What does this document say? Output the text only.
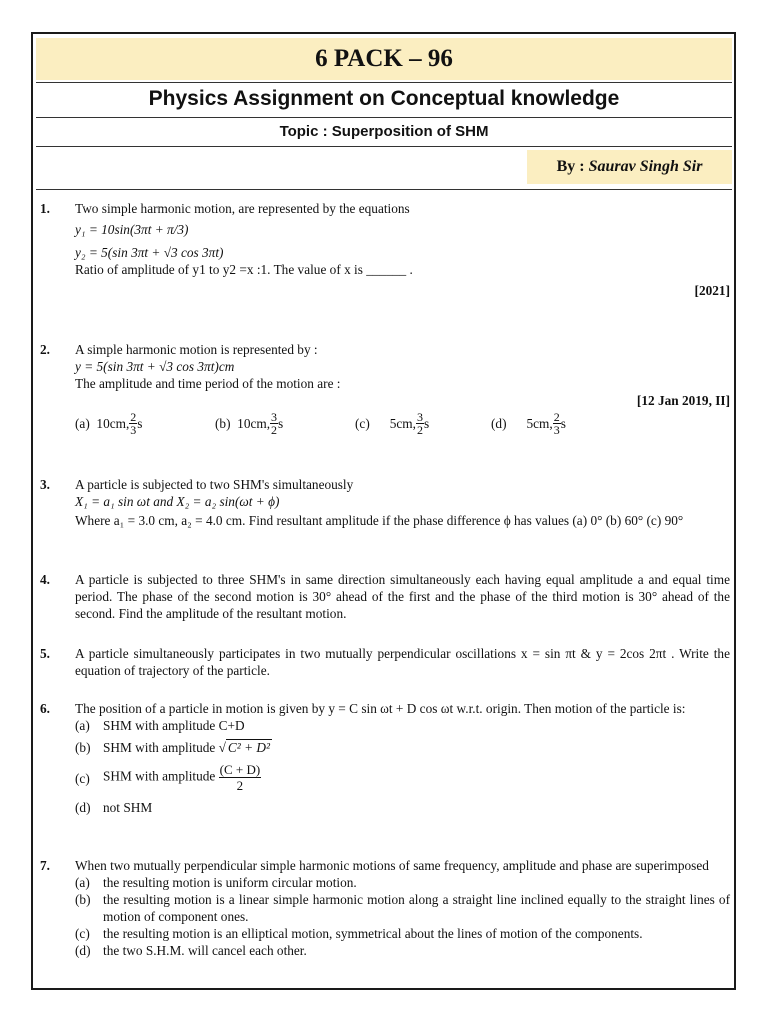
6 PACK – 96
Physics Assignment on Conceptual knowledge
Topic : Superposition of SHM
By : Saurav Singh Sir
1.	Two simple harmonic motion, are represented by the equations

y₁ = 10sin(3πt + π/3)

y₂ = 5(sin 3πt + √3 cos 3πt)

Ratio of amplitude of y1 to y2 =x :1. The value of x is ______ .

[2021]

2.	A simple harmonic motion is represented by :

y = 5(sin 3πt + √3 cos 3πt)cm

The amplitude and time period of the motion are :

[12 Jan 2019, II]

(a)
10cm, $\frac{2}{3}$ s	(b)
10cm, $\frac{3}{2}$ s	(c)
5cm, $\frac{3}{2}$ s	(d)
5cm, $\frac{2}{3}$ s
3.	A particle is subjected to two SHM's simultaneously

X₁ = a₁ sin ωt and X₂ = a₂ sin(ωt + ϕ)

Where a₁ = 3.0 cm, a₂ = 4.0 cm. Find resultant amplitude if the phase difference ϕ has values (a) 0° (b) 60° (c) 90°

4.	A particle is subjected to three SHM's in same direction simultaneously each having equal amplitude a and equal time period. The phase of the second motion is 30° ahead of the first and the phase of the third motion is 30° ahead of the second. Find the amplitude of the resultant motion.

5.	A particle simultaneously participates in two mutually perpendicular oscillations x = sin πt & y = 2cos 2πt . Write the equation of trajectory of the particle.

6.	The position of a particle in motion is given by y = C sin ωt + D cos ωt w.r.t. origin. Then motion of the particle is:

(a) SHM with amplitude C+D
(b) SHM with amplitude √ C² + D²
(c) SHM with amplitude $\frac{(C + D)}{2}$
(d) not SHM
7.	When two mutually perpendicular simple harmonic motions of same frequency, amplitude and phase are superimposed

(a) the resulting motion is uniform circular motion.
(b) the resulting motion is a linear simple harmonic motion along a straight line inclined equally to the straight lines of motion of component ones.
(c) the resulting motion is an elliptical motion, symmetrical about the lines of motion of the components.
(d) the two S.H.M. will cancel each other.
